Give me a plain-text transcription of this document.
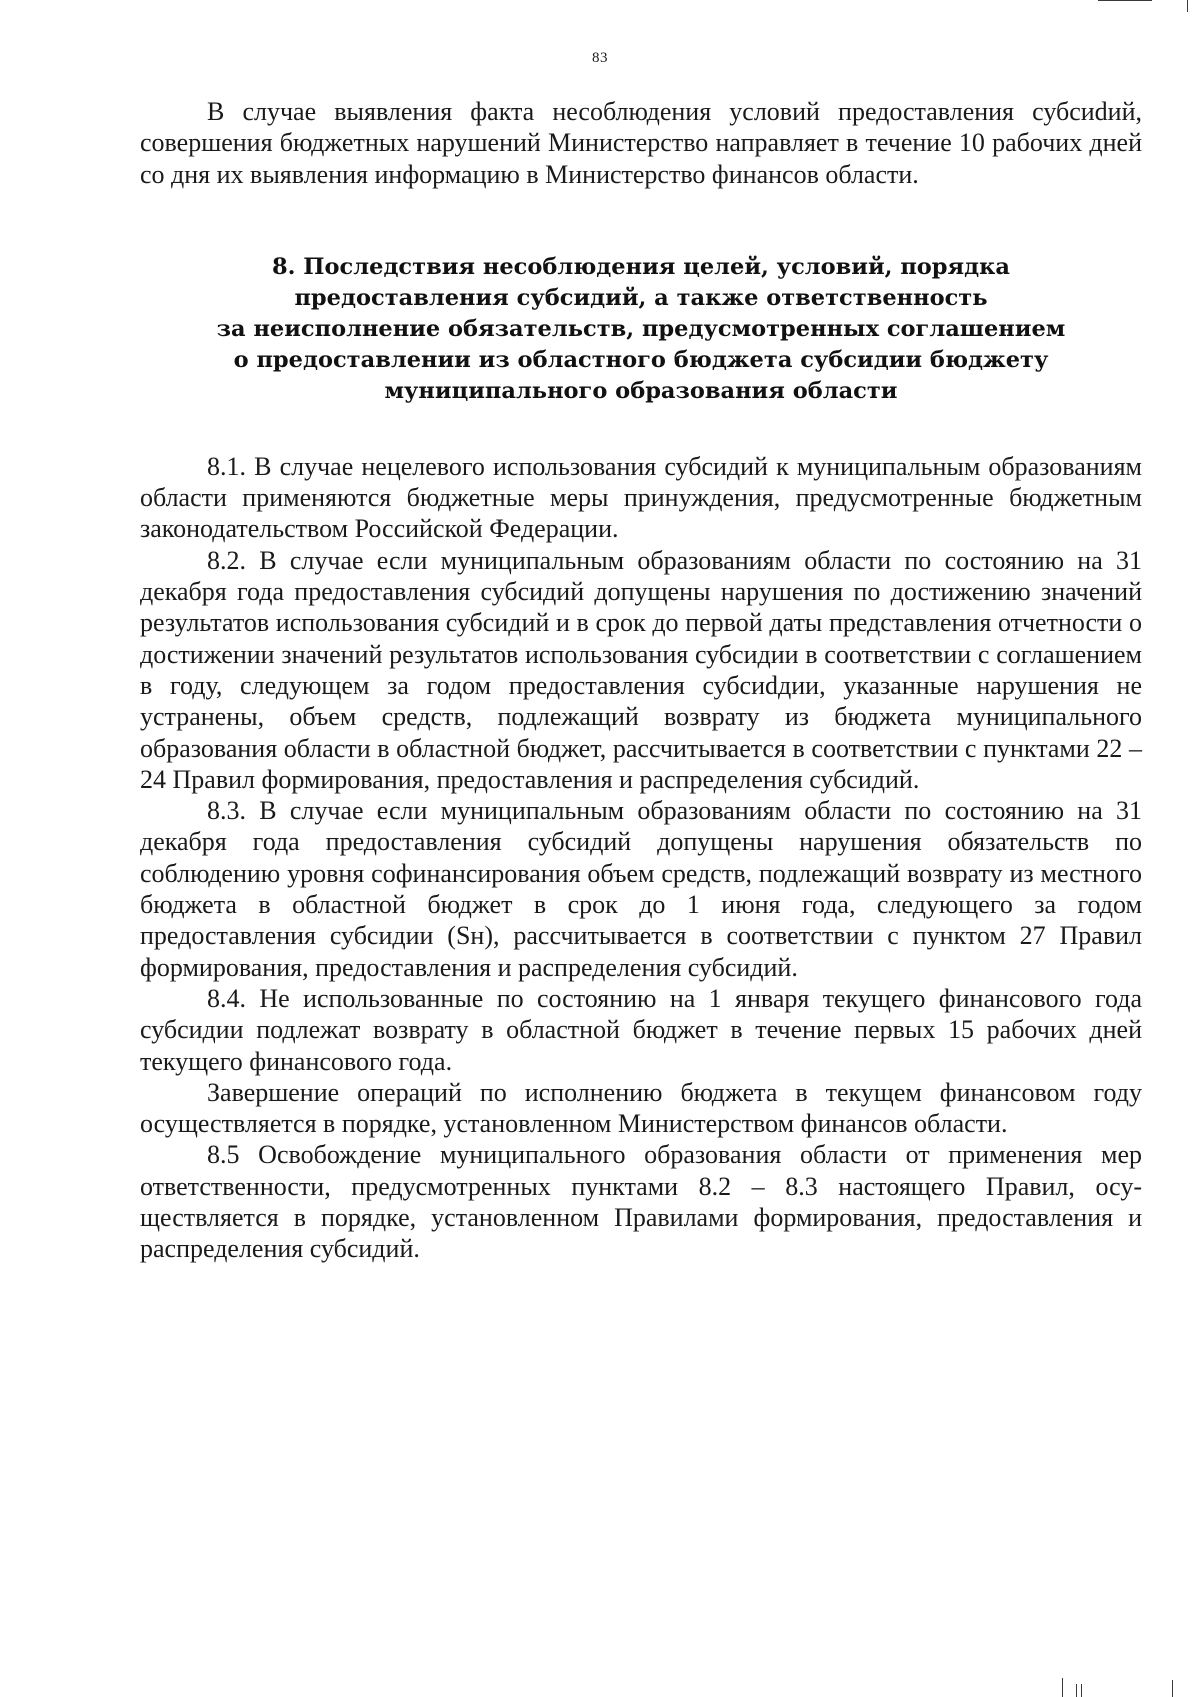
83

В случае выявления факта несоблюдения условий предоставления субсиdий, совершения бюджетных нарушений Министерство направляет в течение 10 рабочих дней со дня их выявления информацию в Министерство финансов области.

8. Последствия несоблюдения целей, условий, порядка
предоставления субсидий, а также ответственность
за неисполнение обязательств, предусмотренных соглашением
о предоставлении из областного бюджета субсидии бюджету
муниципального образования области

8.1. В случае нецелевого использования субсидий к муниципальным образованиям области применяются бюджетные меры принуждения, предусмотренные бюджетным законодательством Российской Федерации.

8.2. В случае если муниципальным образованиям области по состоянию на 31 декабря года предоставления субсидий допущены нарушения по достижению значений результатов использования субсидий и в срок до первой даты представления отчетности о достижении значений результатов использования субсидии в соответствии с соглашением в году, следующем за годом предоставления субсиdдии, указанные нарушения не устранены, объем средств, подлежащий возврату из бюджета муниципального образования области в областной бюджет, рассчитывается в соответствии с пунктами 22 – 24 Правил формирования, предоставления и распределения субсидий.

8.3. В случае если муниципальным образованиям области по состоянию на 31 декабря года предоставления субсидий допущены нарушения обязательств по соблюдению уровня софинансирования объем средств, подлежащий возврату из местного бюджета в областной бюджет в срок до 1 июня года, следующего за годом предоставления субсидии (Sн), рассчитывается в соответствии с пунктом 27 Правил формирования, предоставления и распределения субсидий.

8.4. Не использованные по состоянию на 1 января текущего финансового года субсидии подлежат возврату в областной бюджет в течение первых 15 рабочих дней текущего финансового года.

Завершение операций по исполнению бюджета в текущем финансовом году осуществляется в порядке, установленном Министерством финансов области.

8.5 Освобождение муниципального образования области от применения мер ответственности, предусмотренных пунктами 8.2 – 8.3 настоящего Правил, осуществляется в порядке, установленном Правилами формирования, предоставления и распределения субсидий.
